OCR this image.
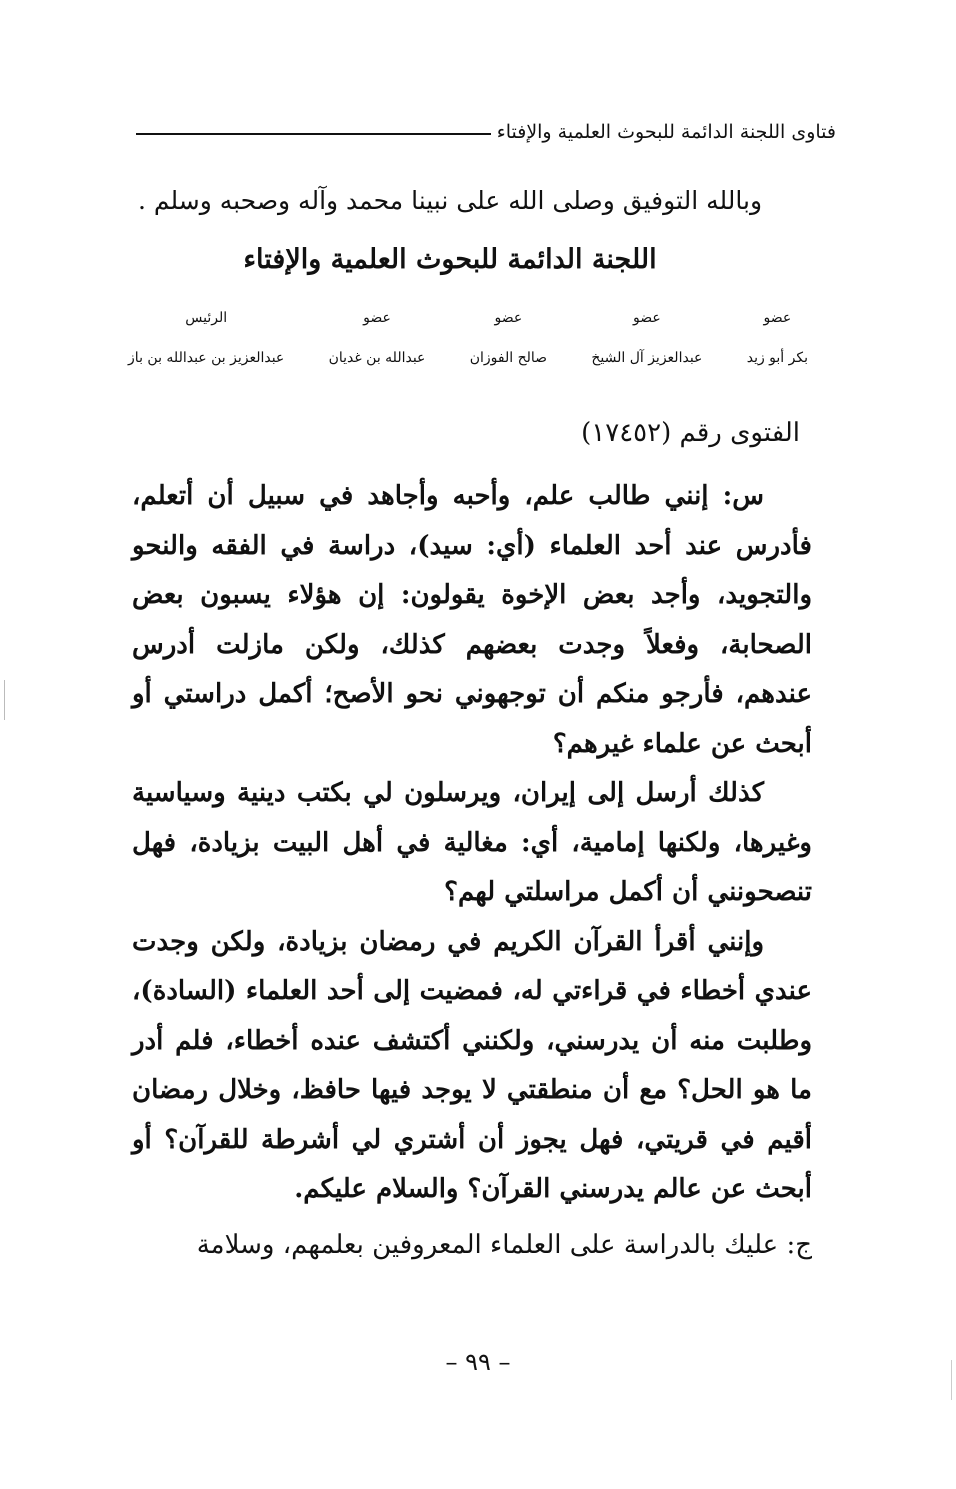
فتاوى اللجنة الدائمة للبحوث العلمية والإفتاء
وبالله التوفيق وصلى الله على نبينا محمد وآله وصحبه وسلم .
اللجنة الدائمة للبحوث العلمية والإفتاء
عضو
بكر أبو زيد
عضو
عبدالعزيز آل الشيخ
عضو
صالح الفوزان
عضو
عبدالله بن غديان
الرئيس
عبدالعزيز بن عبدالله بن باز
الفتوى رقم (١٧٤٥٢)

س: إنني طالب علم، وأحبه وأجاهد في سبيل أن أتعلم، فأدرس عند أحد العلماء (أي: سيد)، دراسة في الفقه والنحو والتجويد، وأجد بعض الإخوة يقولون: إن هؤلاء يسبون بعض الصحابة، وفعلاً وجدت بعضهم كذلك، ولكن مازلت أدرس عندهم، فأرجو منكم أن توجهوني نحو الأصح؛ أكمل دراستي أو أبحث عن علماء غيرهم؟

كذلك أرسل إلى إيران، ويرسلون لي بكتب دينية وسياسية وغيرها، ولكنها إمامية، أي: مغالية في أهل البيت بزيادة، فهل تنصحونني أن أكمل مراسلتي لهم؟

وإنني أقرأ القرآن الكريم في رمضان بزيادة، ولكن وجدت عندي أخطاء في قراءتي له، فمضيت إلى أحد العلماء (السادة)، وطلبت منه أن يدرسني، ولكنني أكتشف عنده أخطاء، فلم أدر ما هو الحل؟ مع أن منطقتي لا يوجد فيها حافظ، وخلال رمضان أقيم في قريتي، فهل يجوز أن أشتري لي أشرطة للقرآن؟ أو أبحث عن عالم يدرسني القرآن؟ والسلام عليكم.

ج: عليك بالدراسة على العلماء المعروفين بعلمهم، وسلامة

– ٩٩ –
